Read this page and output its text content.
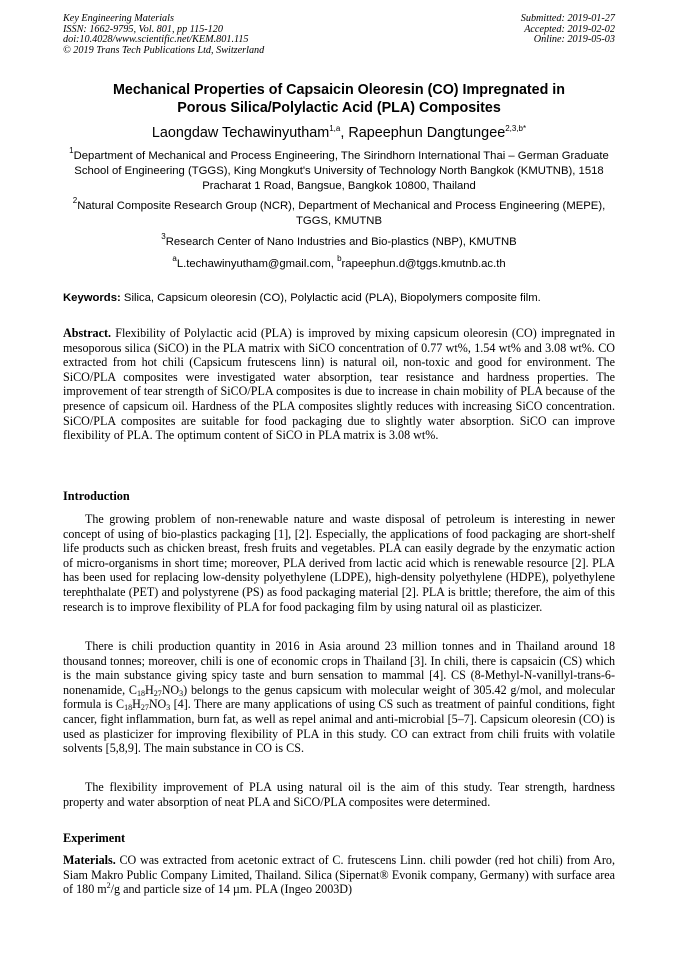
Key Engineering Materials
ISSN: 1662-9795, Vol. 801, pp 115-120
doi:10.4028/www.scientific.net/KEM.801.115
© 2019 Trans Tech Publications Ltd, Switzerland
Submitted: 2019-01-27
Accepted: 2019-02-02
Online: 2019-05-03
Mechanical Properties of Capsaicin Oleoresin (CO) Impregnated in
Porous Silica/Polylactic Acid (PLA) Composites
Laongdaw Techawinyutham$^{1,a}$, Rapeephun Dangtungee$^{2,3,b*}$
$^1$Department of Mechanical and Process Engineering, The Sirindhorn International Thai – German Graduate School of Engineering (TGGS), King Mongkut's University of Technology North Bangkok (KMUTNB), 1518 Pracharat 1 Road, Bangsue, Bangkok 10800, Thailand
$^2$Natural Composite Research Group (NCR), Department of Mechanical and Process Engineering (MEPE), TGGS, KMUTNB
$^3$Research Center of Nano Industries and Bio-plastics (NBP), KMUTNB
$^a$L.techawinyutham@gmail.com, $^b$rapeephun.d@tggs.kmutnb.ac.th
Keywords: Silica, Capsicum oleoresin (CO), Polylactic acid (PLA), Biopolymers composite film.
Abstract. Flexibility of Polylactic acid (PLA) is improved by mixing capsicum oleoresin (CO) impregnated in mesoporous silica (SiCO) in the PLA matrix with SiCO concentration of 0.77 wt%, 1.54 wt% and 3.08 wt%. CO extracted from hot chili (Capsicum frutescens linn) is natural oil, non-toxic and good for environment. The SiCO/PLA composites were investigated water absorption, tear resistance and hardness properties. The improvement of tear strength of SiCO/PLA composites is due to increase in chain mobility of PLA because of the presence of capsicum oil. Hardness of the PLA composites slightly reduces with increasing SiCO concentration. SiCO/PLA composites are suitable for food packaging due to slightly water absorption. SiCO can improve flexibility of PLA. The optimum content of SiCO in PLA matrix is 3.08 wt%.
Introduction
The growing problem of non-renewable nature and waste disposal of petroleum is interesting in newer concept of using of bio-plastics packaging [1], [2]. Especially, the applications of food packaging are short-shelf life products such as chicken breast, fresh fruits and vegetables. PLA can easily degrade by the enzymatic action of micro-organisms in short time; moreover, PLA derived from lactic acid which is renewable resource [2]. PLA has been used for replacing low-density polyethylene (LDPE), high-density polyethylene (HDPE), polyethylene terephthalate (PET) and polystyrene (PS) as food packaging material [2]. PLA is brittle; therefore, the aim of this research is to improve flexibility of PLA for food packaging film by using natural oil as plasticizer.
There is chili production quantity in 2016 in Asia around 23 million tonnes and in Thailand around 18 thousand tonnes; moreover, chili is one of economic crops in Thailand [3]. In chili, there is capsaicin (CS) which is the main substance giving spicy taste and burn sensation to mammal [4]. CS (8-Methyl-N-vanillyl-trans-6-nonenamide, $C_{18}H_{27}NO_3$) belongs to the genus capsicum with molecular weight of 305.42 g/mol, and molecular formula is $C_{18}H_{27}NO_3$ [4]. There are many applications of using CS such as treatment of painful conditions, fight cancer, fight inflammation, burn fat, as well as repel animal and anti-microbial [5–7]. Capsicum oleoresin (CO) is used as plasticizer for improving flexibility of PLA in this study. CO can extract from chili fruits with volatile solvents [5,8,9]. The main substance in CO is CS.
The flexibility improvement of PLA using natural oil is the aim of this study. Tear strength, hardness property and water absorption of neat PLA and SiCO/PLA composites were determined.
Experiment
Materials. CO was extracted from acetonic extract of C. frutescens Linn. chili powder (red hot chili) from Aro, Siam Makro Public Company Limited, Thailand. Silica (Sipernat® Evonik company, Germany) with surface area of 180 $m^2/g$ and particle size of 14 µm. PLA (Ingeo 2003D)
